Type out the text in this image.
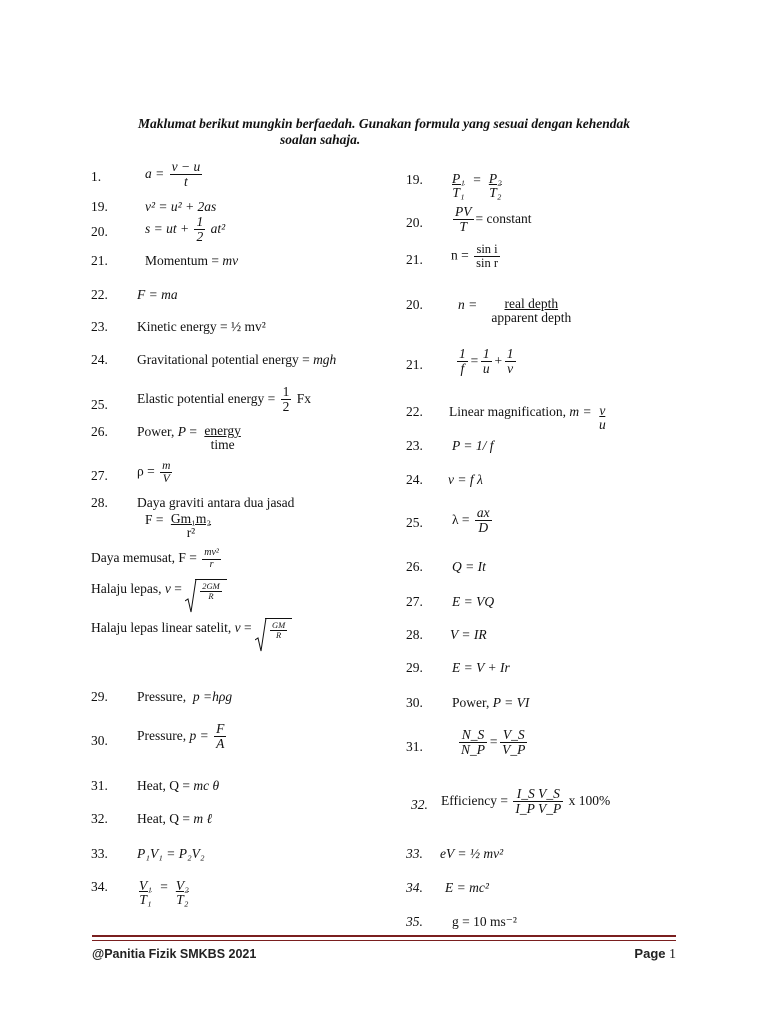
Maklumat berikut mungkin berfaedah. Gunakan formula yang sesuai dengan kehendak
soalan sahaja.
1.	$a = \frac{v - u}{t}$
19.	v² = u² + 2as
20.	s = ut + $\frac{1}{2} at^2$
21.	Momentum = mv
22. F = ma
23. Kinetic energy = ½ mv²
24. Gravitational potential energy = mgh
25. Elastic potential energy = $\frac{1}{2}$ Fx
26. Power, $P = \frac{\text{energy}}{\text{time}}$
27. $\rho = \frac{m}{V}$
28. Daya graviti antara dua jasad
$F = \frac{\text{Gm₁m₂}}{\text{r²}}$
Daya memusat, $F = \frac{\text{mv²}}{r}$
Halaju lepas, $v = \frac{2GM}{R}$
Halaju lepas linear satelit, $v = \frac{GM}{R}$
29. Pressure, p =hρg
30. Pressure, $p = \frac{F}{A}$
31. Heat, Q = mc θ
32. Heat, Q = m ℓ
33. P₁V₁ = P₂V₂
34. $\frac{\text{V₁}}{\text{T₁}} = \frac{\text{V₂}}{\text{T₂}}$
19. $\frac{\text{P₁}}{\text{T₁}} = \frac{\text{P₂}}{\text{T₂}}$
20. $\frac{PV}{T}$ = constant
21. $n = \frac{\text{sin i}}{\text{sin r}}$
20.	$n = \frac{\text{real depth}}{\text{apparent depth}}$
21.	$\frac{1}{f} = \frac{1}{u} + \frac{1}{v}$
22. Linear magnification, $m = \frac{v}{u}$
23. P = 1/ f
24. v = f λ
25. $\lambda = \frac{ax}{D}$
26. Q = It
27. E = VQ
28. V = IR
29. E = V + Ir
30. Power, P = VI
31.	$\frac{N\_S}{N\_P} = \frac{V\_S}{V\_P}$
32. Efficiency = $\frac{\text{I\_S V\_S}}{\text{I\_P V\_P}}$ x 100%
33. eV = ½ mv²
34. E = mc²
35. g = 10 ms⁻²
@Panitia Fizik SMKBS 2021	Page 1
